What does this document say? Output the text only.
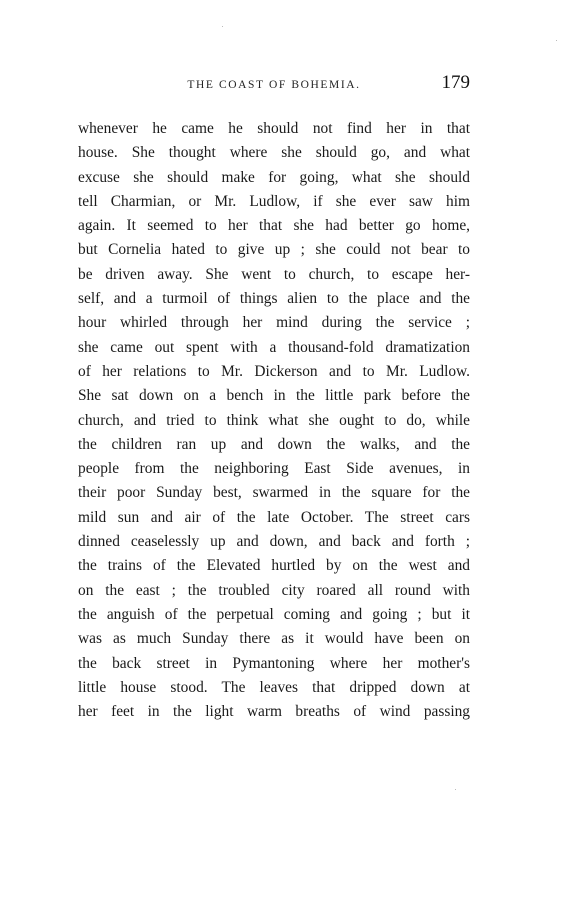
THE COAST OF BOHEMIA.	179
whenever he came he should not find her in that
house. She thought where she should go, and what
excuse she should make for going, what she should
tell Charmian, or Mr. Ludlow, if she ever saw him
again. It seemed to her that she had better go home,
but Cornelia hated to give up ; she could not bear to
be driven away. She went to church, to escape her-
self, and a turmoil of things alien to the place and the
hour whirled through her mind during the service ;
she came out spent with a thousand-fold dramatization
of her relations to Mr. Dickerson and to Mr. Ludlow.
She sat down on a bench in the little park before the
church, and tried to think what she ought to do, while
the children ran up and down the walks, and the
people from the neighboring East Side avenues, in
their poor Sunday best, swarmed in the square for the
mild sun and air of the late October. The street cars
dinned ceaselessly up and down, and back and forth ;
the trains of the Elevated hurtled by on the west and
on the east ; the troubled city roared all round with
the anguish of the perpetual coming and going ; but it
was as much Sunday there as it would have been on
the back street in Pymantoning where her mother's
little house stood. The leaves that dripped down at
her feet in the light warm breaths of wind passing
